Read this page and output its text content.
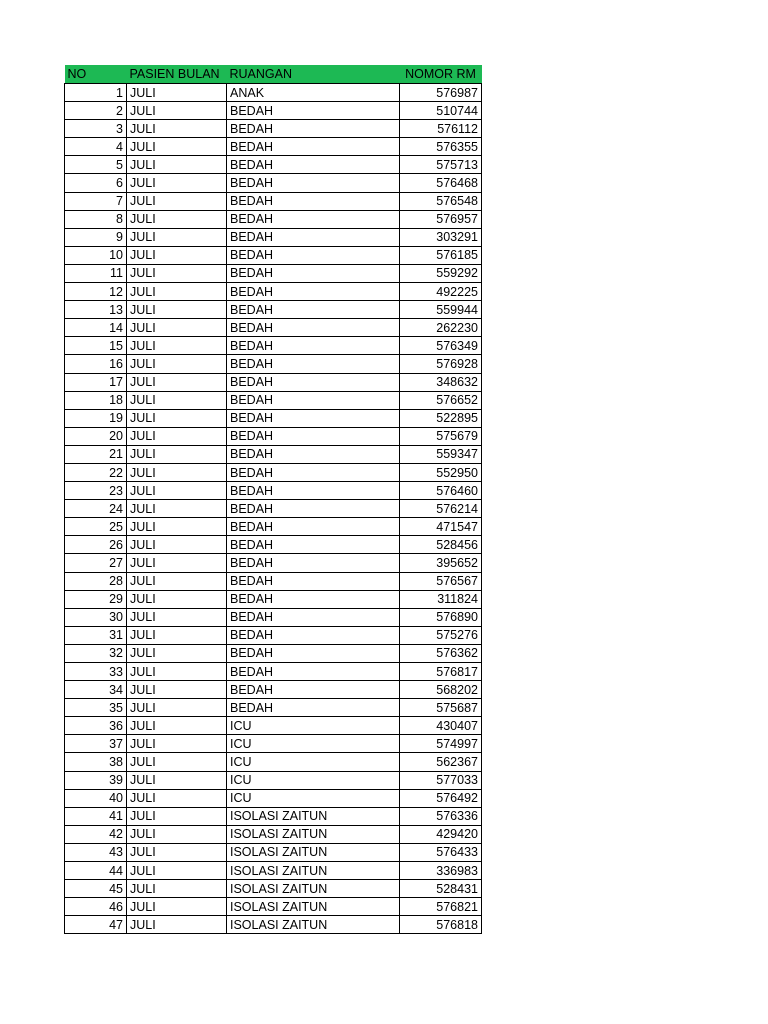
NO	PASIEN BULAN	RUANGAN	NOMOR RM
1	JULI	ANAK	576987
2	JULI	BEDAH	510744
3	JULI	BEDAH	576112
4	JULI	BEDAH	576355
5	JULI	BEDAH	575713
6	JULI	BEDAH	576468
7	JULI	BEDAH	576548
8	JULI	BEDAH	576957
9	JULI	BEDAH	303291
10	JULI	BEDAH	576185
11	JULI	BEDAH	559292
12	JULI	BEDAH	492225
13	JULI	BEDAH	559944
14	JULI	BEDAH	262230
15	JULI	BEDAH	576349
16	JULI	BEDAH	576928
17	JULI	BEDAH	348632
18	JULI	BEDAH	576652
19	JULI	BEDAH	522895
20	JULI	BEDAH	575679
21	JULI	BEDAH	559347
22	JULI	BEDAH	552950
23	JULI	BEDAH	576460
24	JULI	BEDAH	576214
25	JULI	BEDAH	471547
26	JULI	BEDAH	528456
27	JULI	BEDAH	395652
28	JULI	BEDAH	576567
29	JULI	BEDAH	311824
30	JULI	BEDAH	576890
31	JULI	BEDAH	575276
32	JULI	BEDAH	576362
33	JULI	BEDAH	576817
34	JULI	BEDAH	568202
35	JULI	BEDAH	575687
36	JULI	ICU	430407
37	JULI	ICU	574997
38	JULI	ICU	562367
39	JULI	ICU	577033
40	JULI	ICU	576492
41	JULI	ISOLASI ZAITUN	576336
42	JULI	ISOLASI ZAITUN	429420
43	JULI	ISOLASI ZAITUN	576433
44	JULI	ISOLASI ZAITUN	336983
45	JULI	ISOLASI ZAITUN	528431
46	JULI	ISOLASI ZAITUN	576821
47	JULI	ISOLASI ZAITUN	576818
